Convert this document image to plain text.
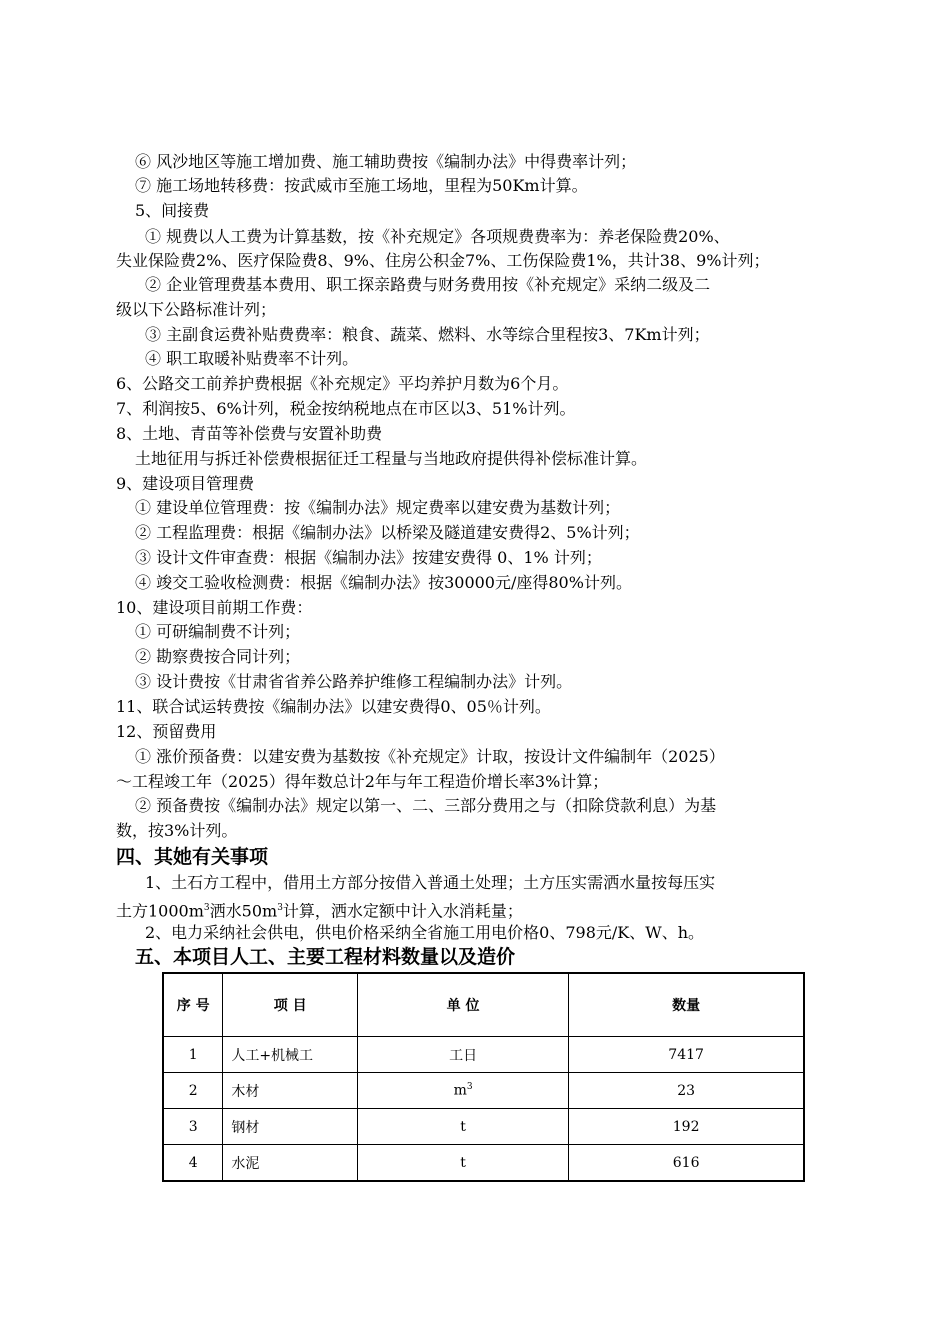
⑥ 风沙地区等施工增加费、施工辅助费按《编制办法》中得费率计列；
⑦ 施工场地转移费：按武威市至施工场地，里程为50Km计算。
5、间接费
① 规费以人工费为计算基数，按《补充规定》各项规费费率为：养老保险费20%、
失业保险费2%、医疗保险费8、9%、住房公积金7%、工伤保险费1%，共计38、9%计列；
② 企业管理费基本费用、职工探亲路费与财务费用按《补充规定》采纳二级及二
级以下公路标准计列；
③ 主副食运费补贴费费率：粮食、蔬菜、燃料、水等综合里程按3、7Km计列；
④ 职工取暖补贴费率不计列。
6、公路交工前养护费根据《补充规定》平均养护月数为6个月。
7、利润按5、6%计列，税金按纳税地点在市区以3、51%计列。
8、土地、青苗等补偿费与安置补助费
土地征用与拆迁补偿费根据征迁工程量与当地政府提供得补偿标准计算。
9、建设项目管理费
① 建设单位管理费：按《编制办法》规定费率以建安费为基数计列；
② 工程监理费：根据《编制办法》以桥梁及隧道建安费得2、5%计列；
③ 设计文件审查费：根据《编制办法》按建安费得 0、1% 计列；
④ 竣交工验收检测费：根据《编制办法》按30000元/座得80%计列。
10、建设项目前期工作费：
① 可研编制费不计列；
② 勘察费按合同计列；
③ 设计费按《甘肃省省养公路养护维修工程编制办法》计列。
11、联合试运转费按《编制办法》以建安费得0、05％计列。
12、预留费用
① 涨价预备费：以建安费为基数按《补充规定》计取，按设计文件编制年（2025）
～工程竣工年（2025）得年数总计2年与年工程造价增长率3%计算；
② 预备费按《编制办法》规定以第一、二、三部分费用之与（扣除贷款利息）为基
数，按3%计列。
四、其她有关事项
1、土石方工程中，借用土方部分按借入普通土处理；土方压实需洒水量按每压实
土方$1000m^3$洒水$50m^3$计算，洒水定额中计入水消耗量；
2、电力采纳社会供电，供电价格采纳全省施工用电价格0、798元/K、W、h。
五、本项目人工、主要工程材料数量以及造价
序 号	项 目	单 位	数量
1	人工+机械工	工日	7417
2	木材	$m^3$	23
3	钢材	t	192
4	水泥	t	616
